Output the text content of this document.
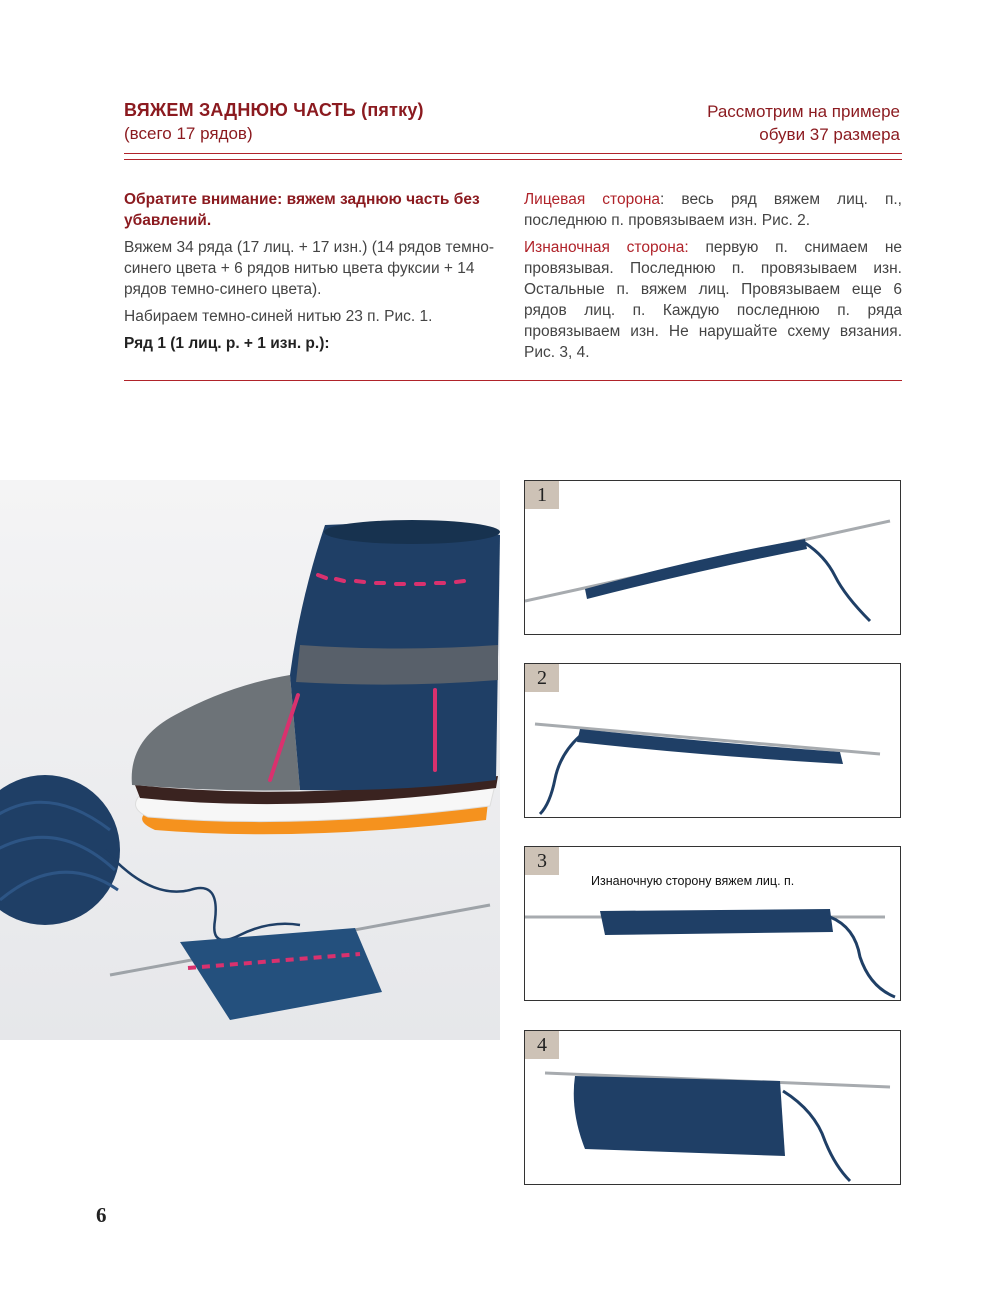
ВЯЖЕМ ЗАДНЮЮ ЧАСТЬ (пятку)
(всего 17 рядов)
Рассмотрим на примере
обуви 37 размера

Обратите внимание: вяжем заднюю часть без убавлений.

Вяжем 34 ряда (17 лиц. + 17 изн.) (14 рядов темно-синего цвета + 6 рядов нитью цвета фуксии + 14 рядов темно-синего цвета).

Набираем темно-синей нитью 23 п. Рис. 1.

Ряд 1 (1 лиц. р. + 1 изн. р.):

Лицевая сторона: весь ряд вяжем лиц. п., последнюю п. провязываем изн. Рис. 2.

Изнаночная сторона: первую п. снимаем не провязывая. Последнюю п. провязываем изн. Остальные п. вяжем лиц. Провязываем еще 6 рядов лиц. п. Каждую последнюю п. ряда провязываем изн. Не нарушайте схему вязания. Рис. 3, 4.

1
2
3
Изнаночную сторону вяжем лиц. п.
4
6
